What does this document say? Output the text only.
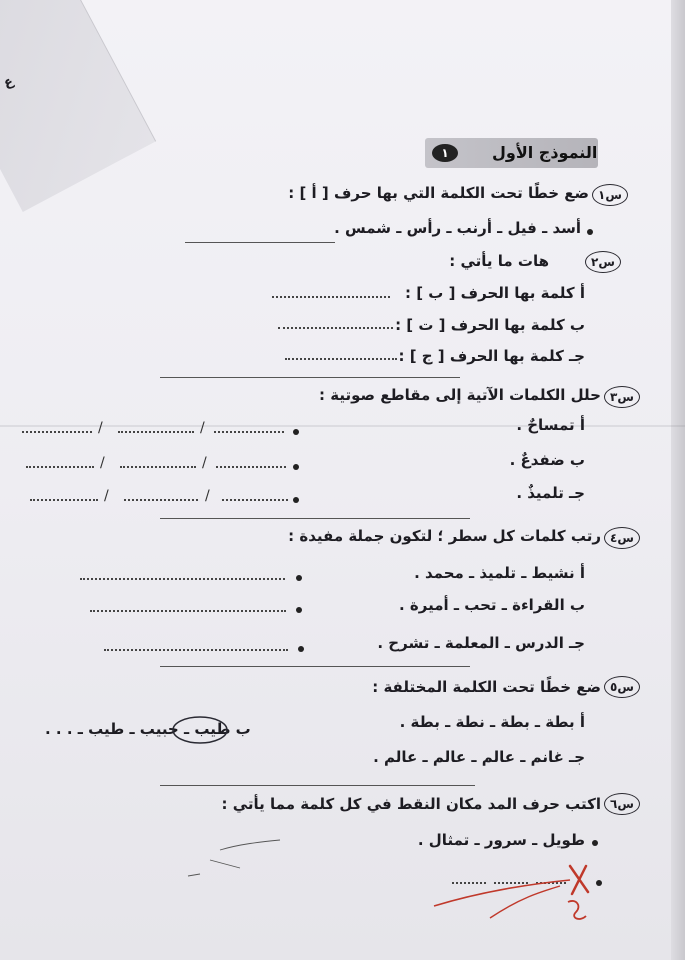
ع
النموذج الأول
١
س١
ضع خطًا تحت الكلمة التي بها حرف [ أ ] :
أسد ـ فيل ـ أرنب ـ رأس ـ شمس .
س٢
هات ما يأتي :
أ كلمة بها الحرف [ ب ] :
ب كلمة بها الحرف [ ت ] :
جـ كلمة بها الحرف [ ج ] :
س٣
حلل الكلمات الآتية إلى مقاطع صوتية :
أ تمساحٌ .
/
/
ب ضفدعٌ .
/
/
جـ تلميذٌ .
/
/
س٤
رتب كلمات كل سطر ؛ لتكون جملة مفيدة :
أ نشيط ـ تلميذ ـ محمد .
ب القراءة ـ تحب ـ أميرة .
جـ الدرس ـ المعلمة ـ تشرح .
س٥
ضع خطًا تحت الكلمة المختلفة :
أ بطة ـ بطة ـ نطة ـ بطة .
ب طيب ـ حبيب ـ طيب ـ . . .
جـ غانم ـ عالم ـ عالم ـ عالم .
س٦
اكتب حرف المد مكان النقط في كل كلمة مما يأتي :
طويل ـ سرور ـ تمثال .
